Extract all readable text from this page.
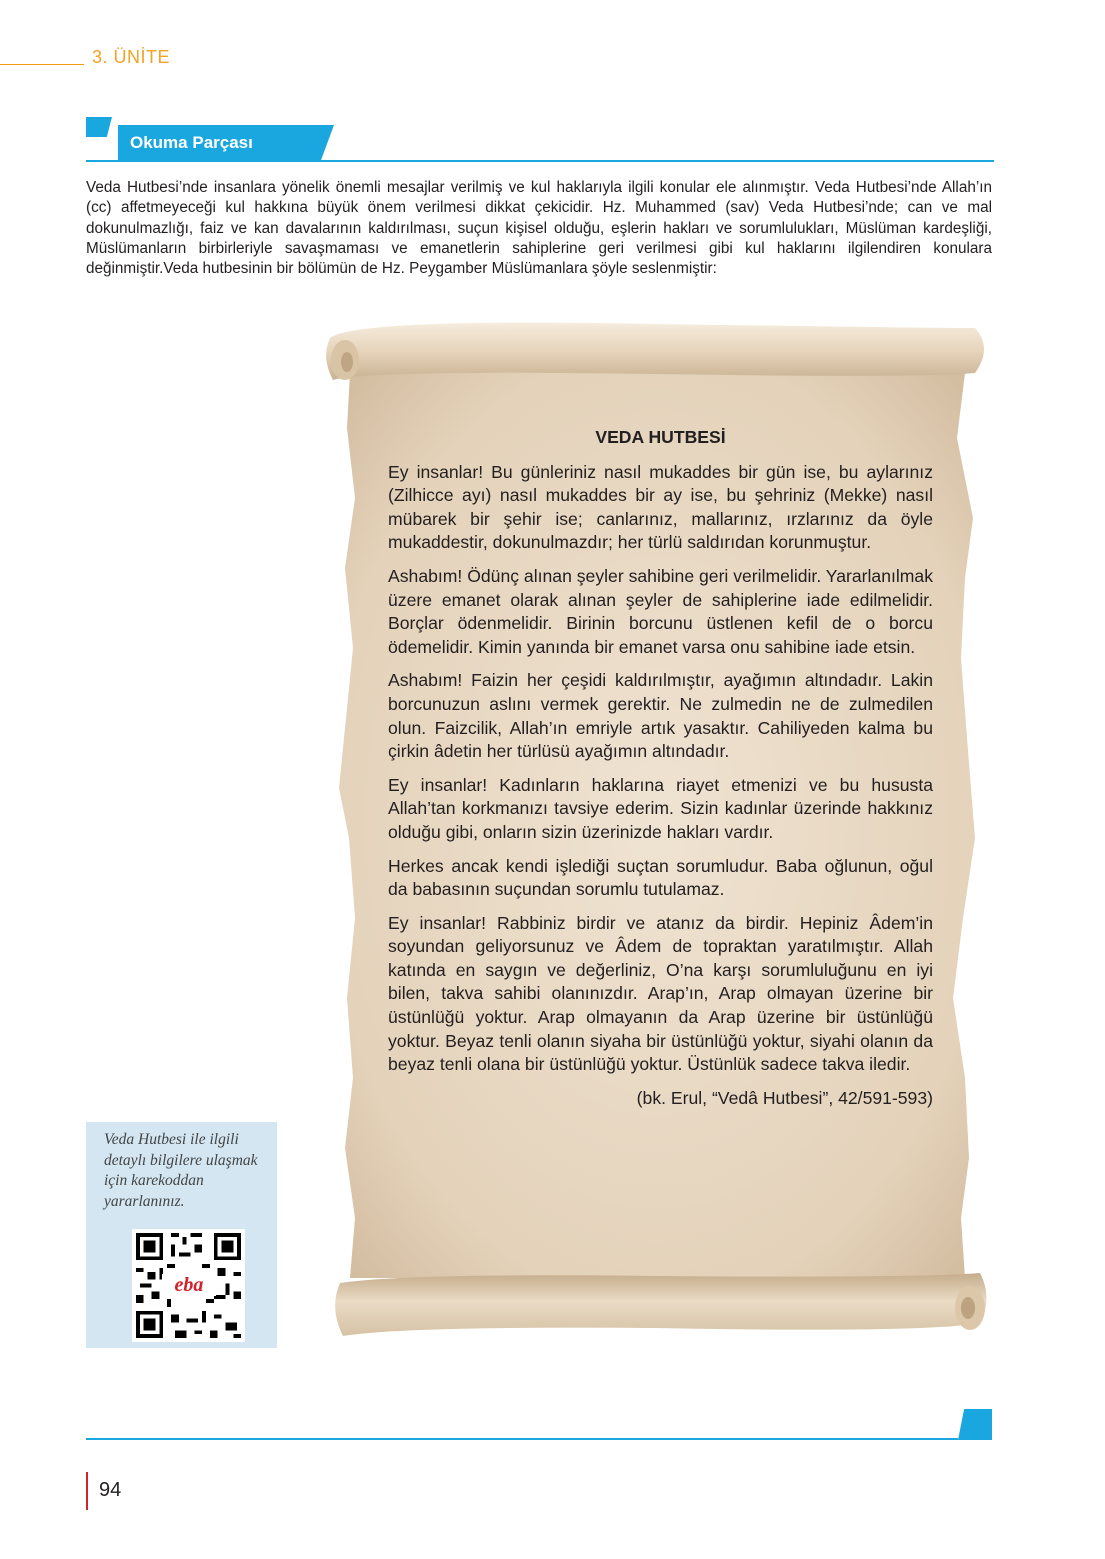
3. ÜNİTE
Okuma Parçası

Veda Hutbesi’nde insanlara yönelik önemli mesajlar verilmiş ve kul haklarıyla ilgili konular ele alınmıştır. Veda Hutbesi’nde Allah’ın (cc) affetmeyeceği kul hakkına büyük önem verilmesi dikkat çekicidir. Hz. Muhammed (sav) Veda Hutbesi’nde; can ve mal dokunulmazlığı, faiz ve kan davalarının kaldırılması, suçun kişisel olduğu, eşlerin hakları ve sorumlulukları, Müslüman kardeşliği, Müslümanların birbirleriyle savaşmaması ve emanetlerin sahiplerine geri verilmesi gibi kul haklarını ilgilendiren konulara değinmiştir.Veda hutbesinin bir bölümün de Hz. Peygamber Müslümanlara şöyle seslenmiştir:

VEDA HUTBESİ

Ey insanlar! Bu günleriniz nasıl mukaddes bir gün ise, bu aylarınız (Zilhicce ayı) nasıl mukaddes bir ay ise, bu şehriniz (Mekke) nasıl mübarek bir şehir ise; canlarınız, mallarınız, ırzlarınız da öyle mukaddestir, dokunulmazdır; her türlü saldırıdan korunmuştur.

Ashabım! Ödünç alınan şeyler sahibine geri verilmelidir. Yararlanılmak üzere emanet olarak alınan şeyler de sahiplerine iade edilmelidir. Borçlar ödenmelidir. Birinin borcunu üstlenen kefil de o borcu ödemelidir. Kimin yanında bir emanet varsa onu sahibine iade etsin.

Ashabım! Faizin her çeşidi kaldırılmıştır, ayağımın altındadır. Lakin borcunuzun aslını vermek gerektir. Ne zulmedin ne de zulmedilen olun. Faizcilik, Allah’ın emriyle artık yasaktır. Cahiliyeden kalma bu çirkin âdetin her türlüsü ayağımın altındadır.

Ey insanlar! Kadınların haklarına riayet etmenizi ve bu hususta Allah’tan korkmanızı tavsiye ederim. Sizin kadınlar üzerinde hakkınız olduğu gibi, onların sizin üzerinizde hakları vardır.

Herkes ancak kendi işlediği suçtan sorumludur. Baba oğlunun, oğul da babasının suçundan sorumlu tutulamaz.

Ey insanlar! Rabbiniz birdir ve atanız da birdir. Hepiniz Âdem’in soyundan geliyorsunuz ve Âdem de topraktan yaratılmıştır. Allah katında en saygın ve değerliniz, O’na karşı sorumluluğunu en iyi bilen, takva sahibi olanınızdır. Arap’ın, Arap olmayan üzerine bir üstünlüğü yoktur. Arap olmayanın da Arap üzerine bir üstünlüğü yoktur. Beyaz tenli olanın siyaha bir üstünlüğü yoktur, siyahi olanın da beyaz tenli olana bir üstünlüğü yoktur. Üstünlük sadece takva iledir.

(bk. Erul, “Vedâ Hutbesi”, 42/591-593)

Veda Hutbesi ile ilgili detaylı bilgilere ulaşmak için karekoddan yararlanınız.
eba
94
